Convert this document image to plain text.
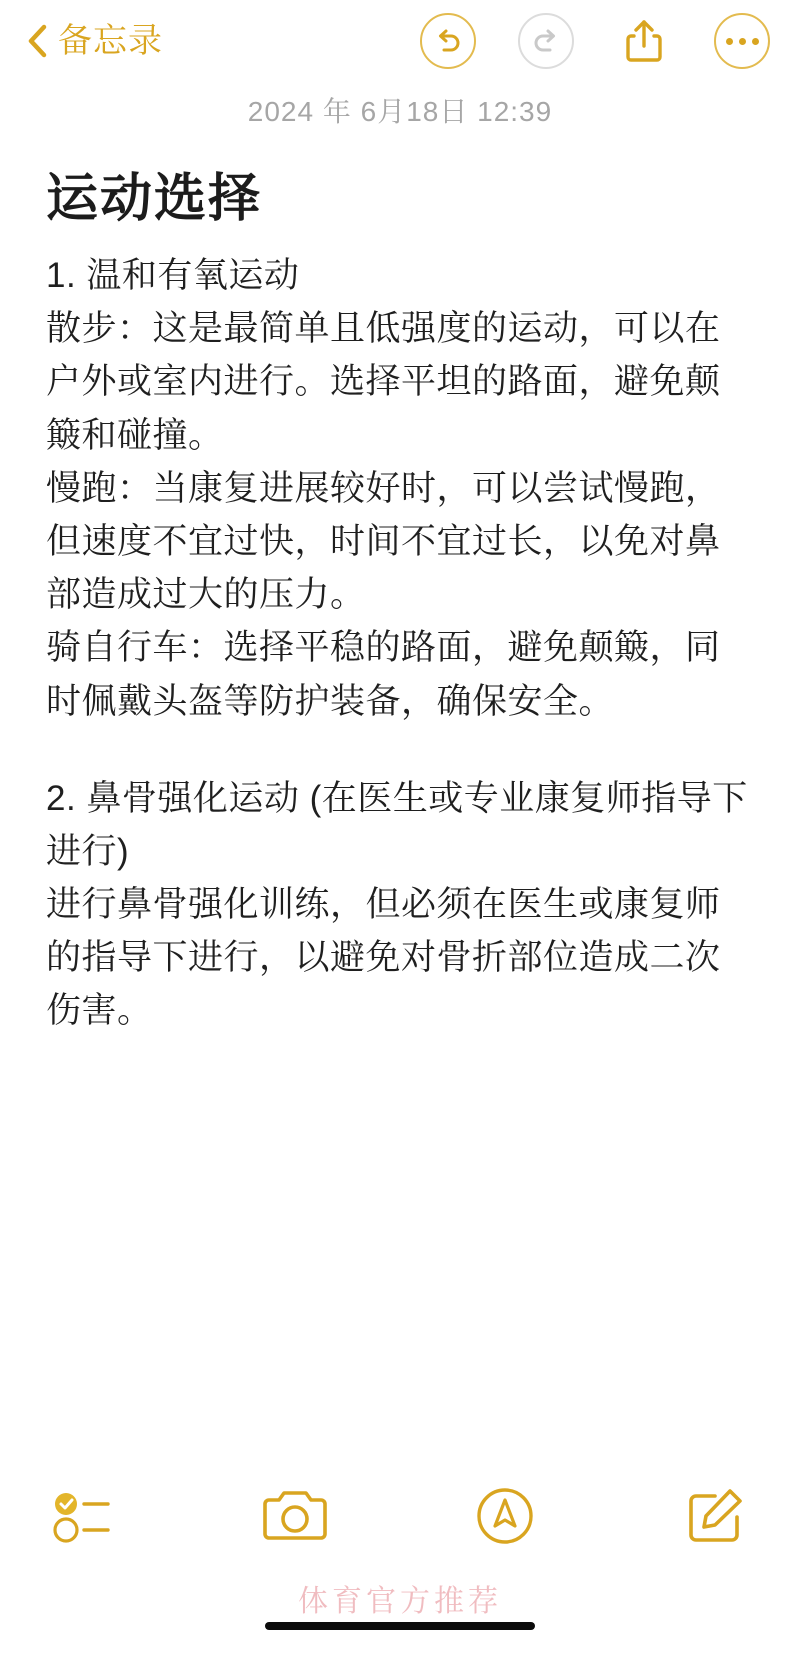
备忘录
2024 年 6月18日 12:39
运动选择
1. 温和有氧运动
散步：这是最简单且低强度的运动，可以在户外或室内进行。选择平坦的路面，避免颠簸和碰撞。
慢跑：当康复进展较好时，可以尝试慢跑，但速度不宜过快，时间不宜过长，以免对鼻部造成过大的压力。
骑自行车：选择平稳的路面，避免颠簸，同时佩戴头盔等防护装备，确保安全。
2. 鼻骨强化运动 (在医生或专业康复师指导下进行)
进行鼻骨强化训练，但必须在医生或康复师的指导下进行，以避免对骨折部位造成二次伤害。
体育官方推荐
